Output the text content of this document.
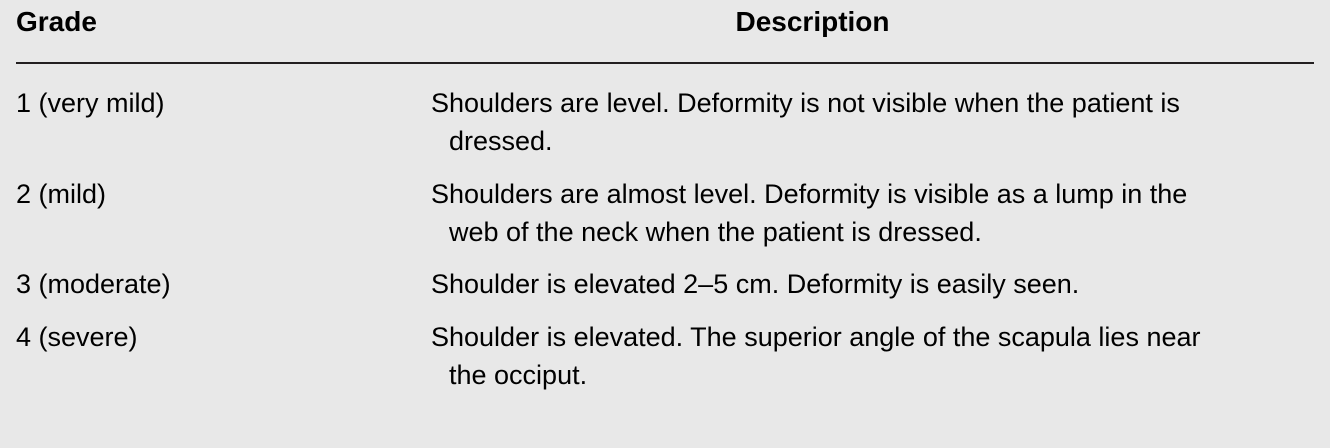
Grade	Description
1 (very mild)	Shoulders are level. Deformity is not visible when the patient is dressed.

2 (mild)	Shoulders are almost level. Deformity is visible as a lump in the web of the neck when the patient is dressed.

3 (moderate)	Shoulder is elevated 2–5 cm. Deformity is easily seen.

4 (severe)	Shoulder is elevated. The superior angle of the scapula lies near the occiput.
